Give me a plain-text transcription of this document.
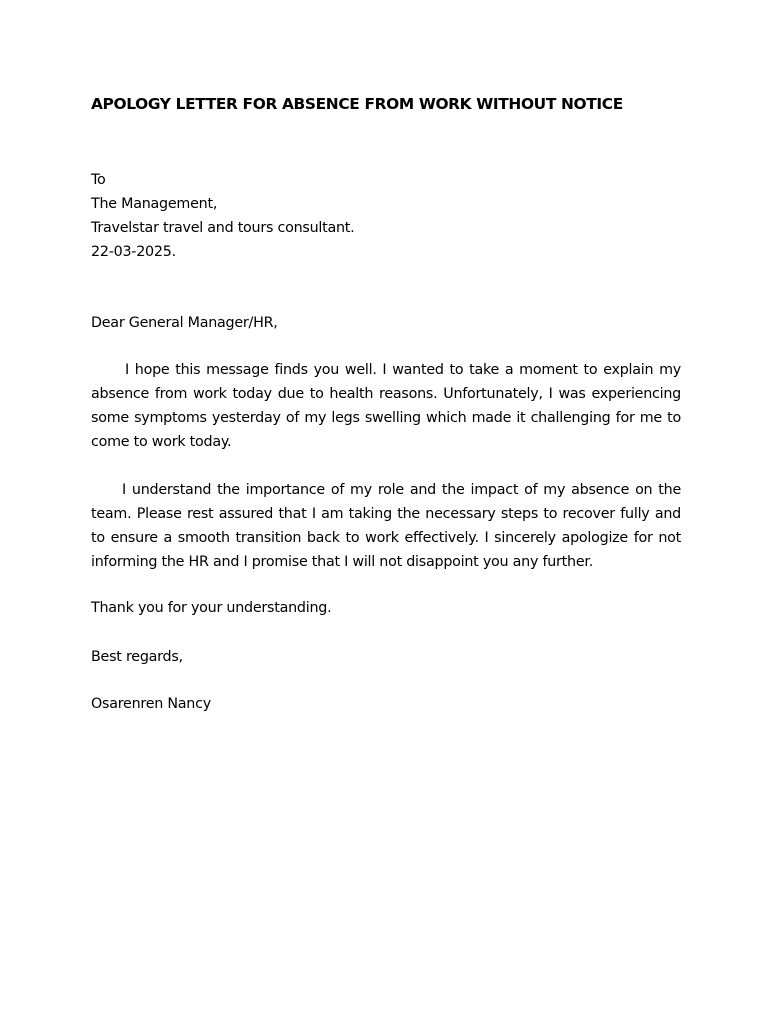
APOLOGY LETTER FOR ABSENCE FROM WORK WITHOUT NOTICE
To
The Management,
Travelstar travel and tours consultant.
22-03-2025.
Dear General Manager/HR,
I hope this message finds you well. I wanted to take a moment to explain my
absence from work today due to health reasons. Unfortunately, I was experiencing
some symptoms yesterday of my legs swelling which made it challenging for me to
come to work today.
I understand the importance of my role and the impact of my absence on the
team. Please rest assured that I am taking the necessary steps to recover fully and
to ensure a smooth transition back to work effectively. I sincerely apologize for not
informing the HR and I promise that I will not disappoint you any further.
Thank you for your understanding.
Best regards,
Osarenren Nancy
